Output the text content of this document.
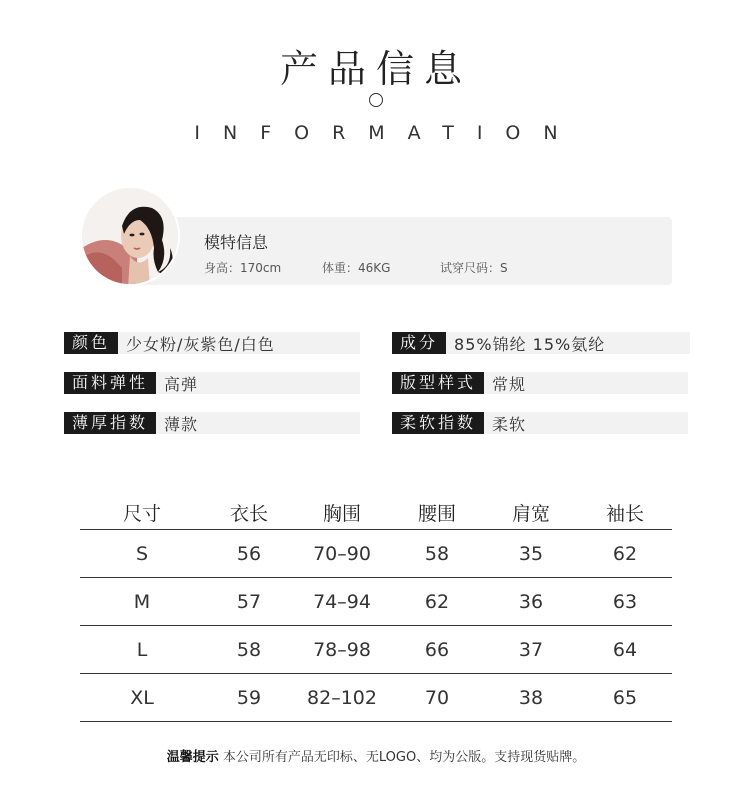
产品信息
INFORMATION
模特信息
身高：170cm	体重：46KG	试穿尺码：S
颜色	少女粉/灰紫色/白色	成分	85%锦纶 15%氨纶
面料弹性	高弹	版型样式	常规
薄厚指数	薄款	柔软指数	柔软
尺寸	衣长	胸围	腰围	肩宽	袖长
S	56	70–90	58	35	62
M	57	74–94	62	36	63
L	58	78–98	66	37	64
XL	59	82–102	70	38	65
温馨提示 本公司所有产品无印标、无LOGO、均为公版。支持现货贴牌。
